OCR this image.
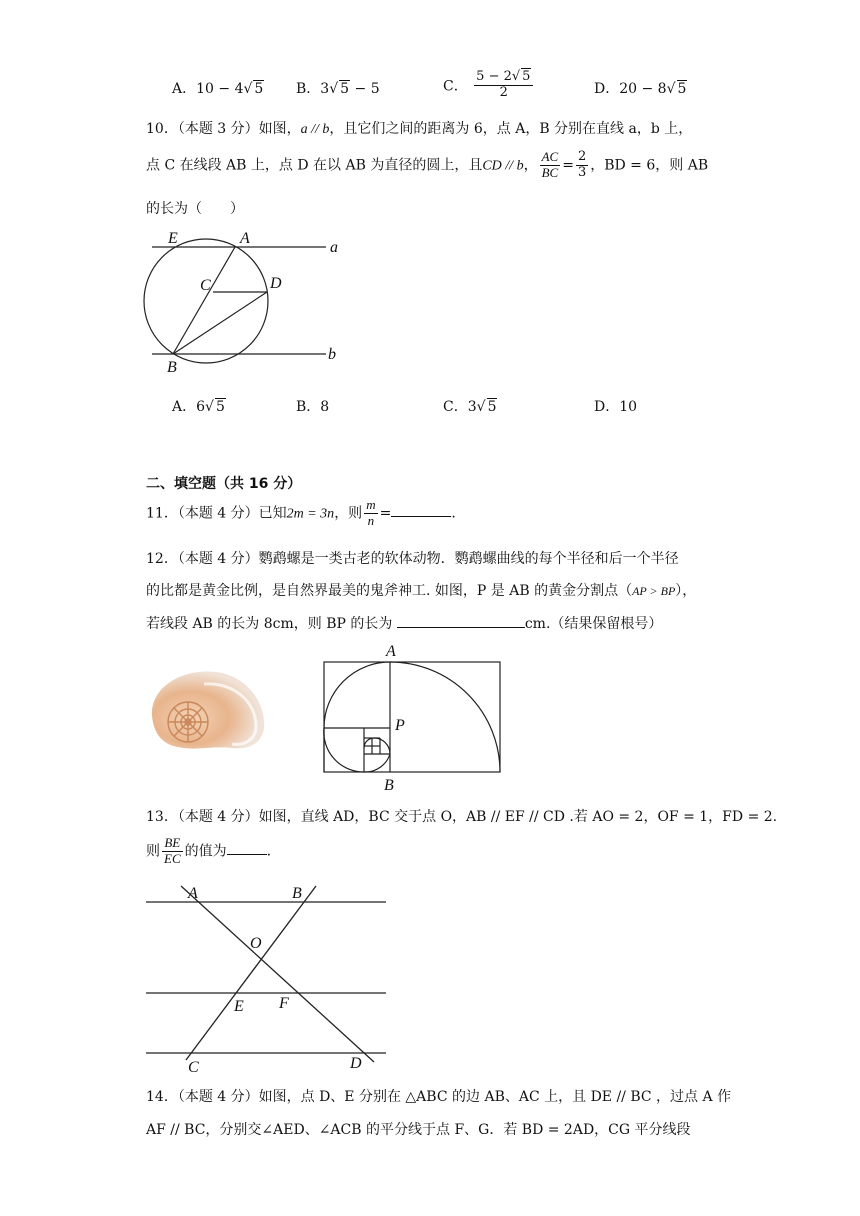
A．10 − 4√ 5 B．3√ 5 − 5	C． $\frac{5 - 2√ 5}{2}$	D．20 − 8√ 5
10．（本题 3 分）如图，a // b，且它们之间的距离为 6，点 A，B 分别在直线 a，b 上，
点 C 在线段 AB 上，点 D 在以 AB 为直径的圆上，且CD // b， $\frac{AC}{BC} = \frac{2}{3}$ ，BD = 6，则 AB
的长为（　　）
E	A
a
C	D
B
b
A．6√ 5	B．8	C．3√ 5	D．10
二、填空题（共 16 分）
11．（本题 4 分）已知2m = 3n，则 $\frac{m}{n}$ =	.
12．（本题 4 分）鹦鹉螺是一类古老的软体动物．鹦鹉螺曲线的每个半径和后一个半径
的比都是黄金比例，是自然界最美的鬼斧神工. 如图，P 是 AB 的黄金分割点（AP > BP），
若线段 AB 的长为 8cm，则 BP 的长为	cm.（结果保留根号）
A
P
B
13．（本题 4 分）如图，直线 AD，BC 交于点 O，AB // EF // CD .若 AO = 2，OF = 1，FD = 2.
则 $\frac{BE}{EC}$ 的值为	.
A	B
O
E F
C	D
14．（本题 4 分）如图，点 D、E 分别在 △ABC 的边 AB、AC 上，且 DE // BC ，过点 A 作
AF // BC，分别交∠AED、∠ACB 的平分线于点 F、G．若 BD = 2AD，CG 平分线段
